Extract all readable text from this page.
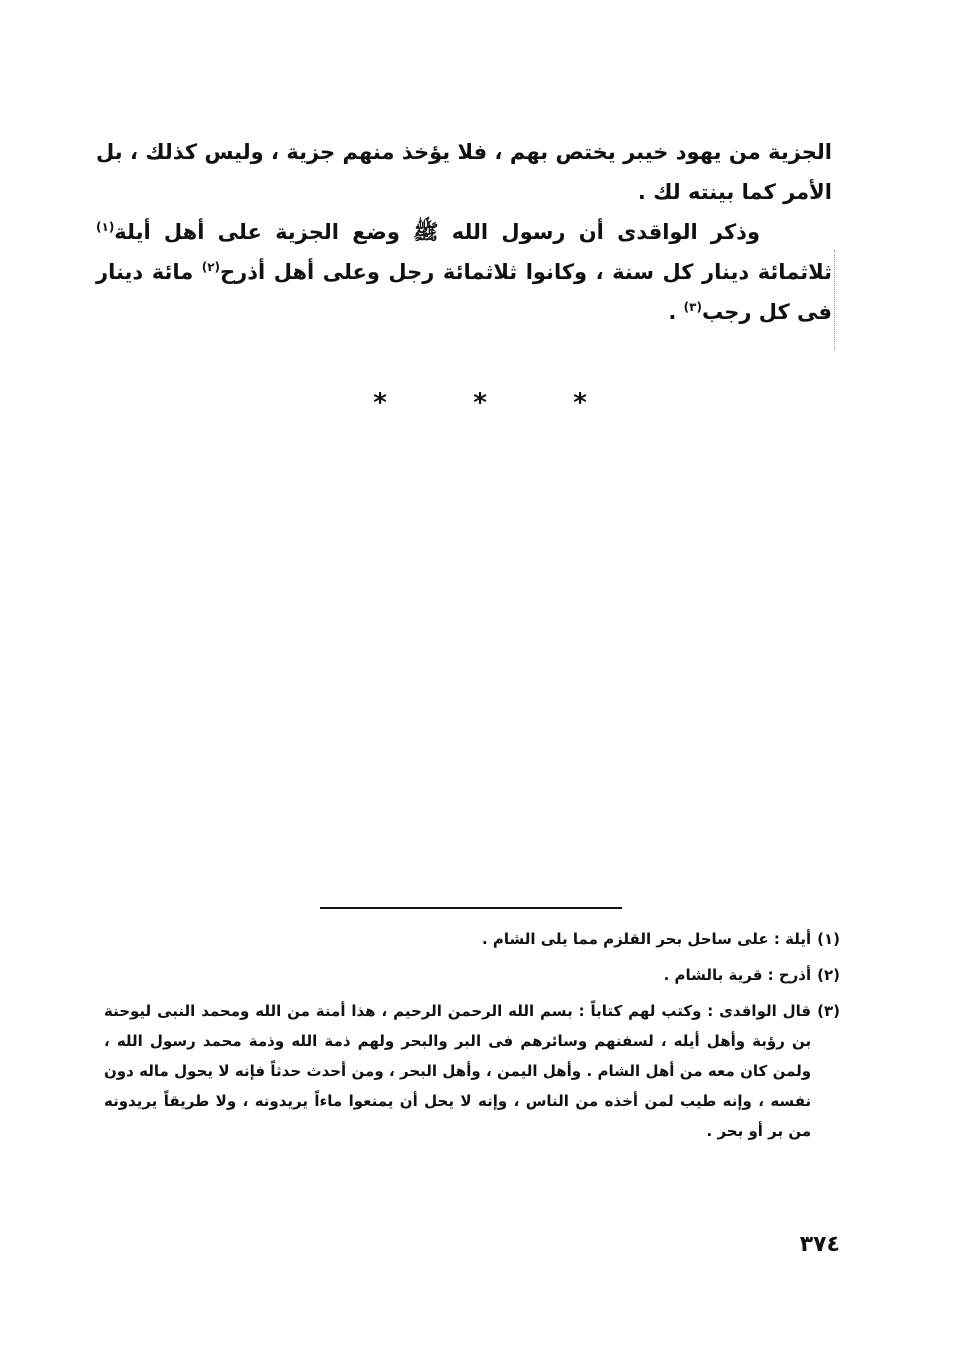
الجزية من يهود خيبر يختص بهم ، فلا يؤخذ منهم جزية ، وليس كذلك ، بل الأمر كما بينته لك .

وذكر الواقدى أن رسول الله ﷺ وضع الجزية على أهل أيلة$^{(١)}$ ثلاثمائة دينار كل سنة ، وكانوا ثلاثمائة رجل وعلى أهل أذرح$^{(٢)}$ مائة دينار فى كل رجب$^{(٣)}$ .

*	*	*
(١)
أيلة : على ساحل بحر القلزم مما يلى الشام .
(٢)
أذرح : قرية بالشام .
(٣)
قال الواقدى : وكتب لهم كتاباً : بسم الله الرحمن الرحيم ، هذا أمنة من الله ومحمد النبى ليوحنة بن رؤبة وأهل أيله ، لسفنهم وسائرهم فى البر والبحر ولهم ذمة الله وذمة محمد رسول الله ، ولمن كان معه من أهل الشام . وأهل اليمن ، وأهل البحر ، ومن أحدث حدثاً فإنه لا يحول ماله دون نفسه ، وإنه طيب لمن أخذه من الناس ، وإنه لا يحل أن يمنعوا ماءاً يريدونه ، ولا طريقاً يريدونه من بر أو بحر .
٣٧٤
